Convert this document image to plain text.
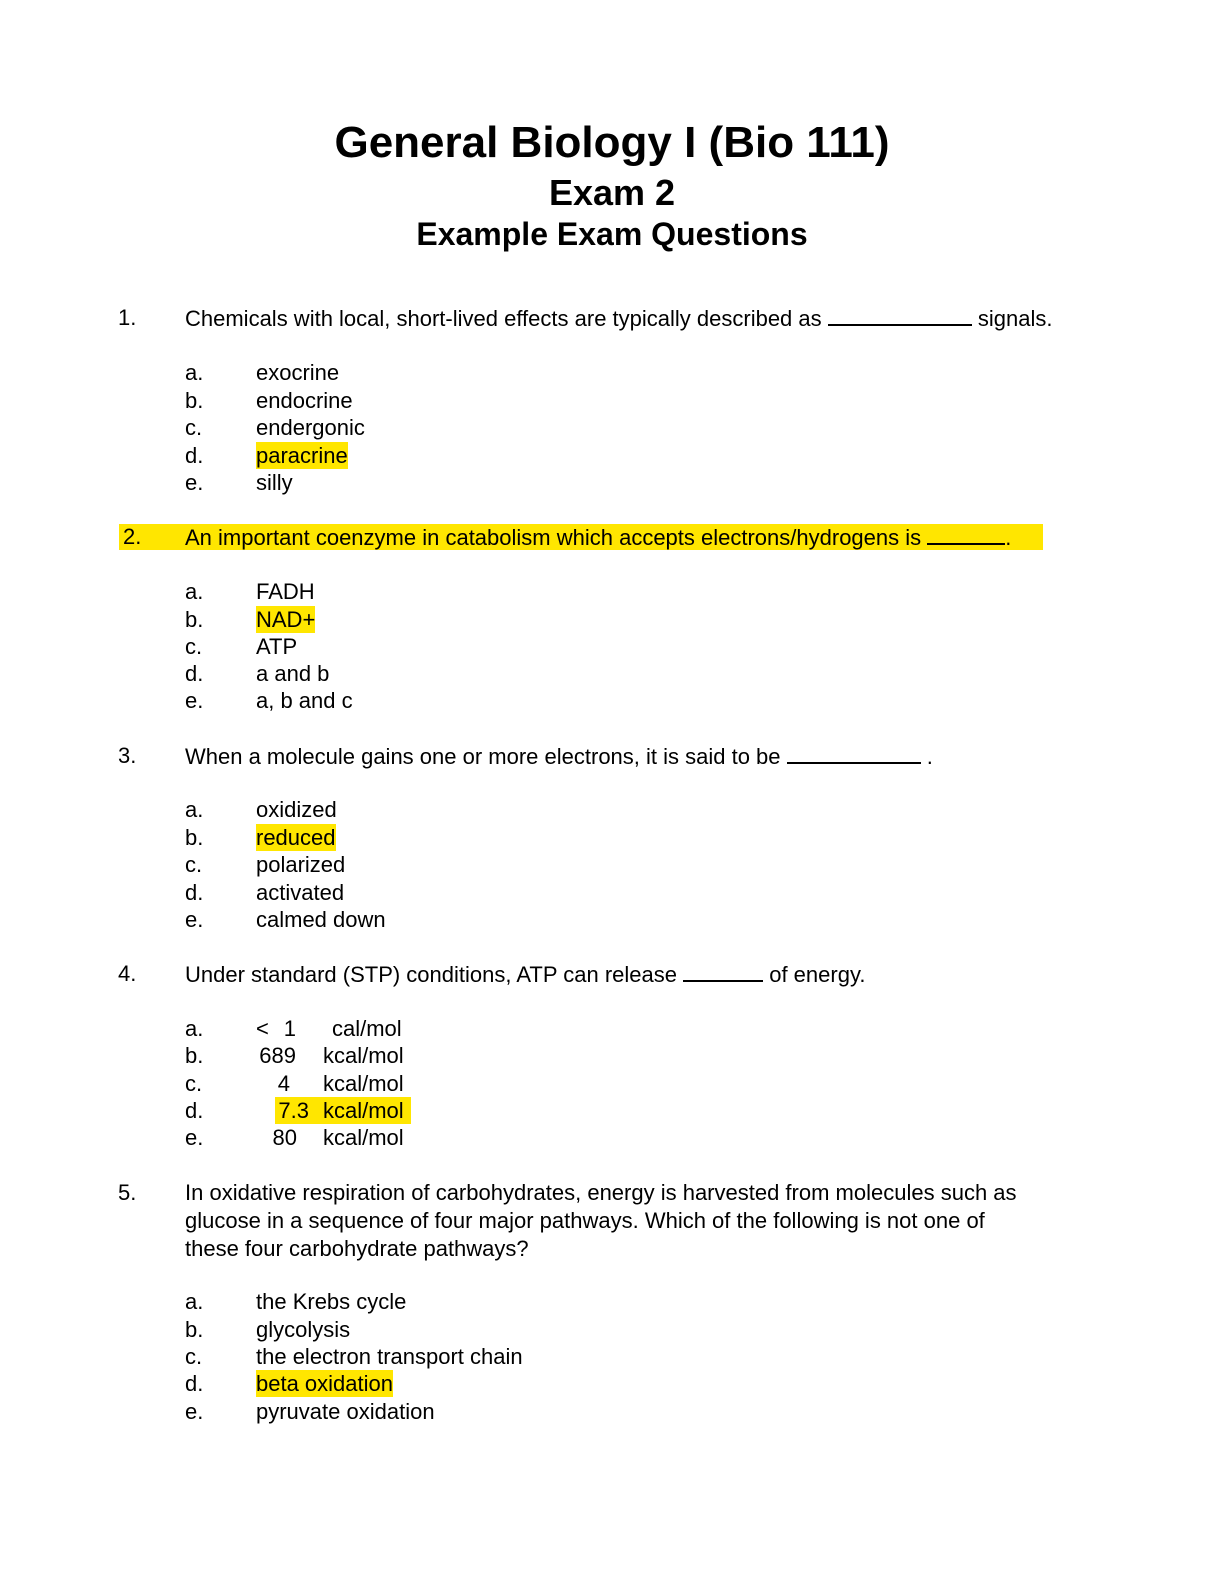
General Biology I (Bio 111)
Exam 2
Example Exam Questions
1. Chemicals with local, short-lived effects are typically described as	signals.
a. exocrine
b. endocrine
c. endergonic
d. paracrine
e. silly
2. An important coenzyme in catabolism which accepts electrons/hydrogens is	.
a. FADH
b. NAD+
c. ATP
d. a and b
e. a, b and c
3. When a molecule gains one or more electrons, it is said to be	.
a. oxidized
b. reduced
c. polarized
d. activated
e. calmed down
4. Under standard (STP) conditions, ATP can release	of energy.
a. < 1 cal/mol
b.	689 kcal/mol
c.	4 kcal/mol
d.	7.3 kcal/mol
e.	80 kcal/mol
5. In oxidative respiration of carbohydrates, energy is harvested from molecules such as
glucose in a sequence of four major pathways. Which of the following is not one of
these four carbohydrate pathways?
a. the Krebs cycle
b. glycolysis
c. the electron transport chain
d. beta oxidation
e. pyruvate oxidation
